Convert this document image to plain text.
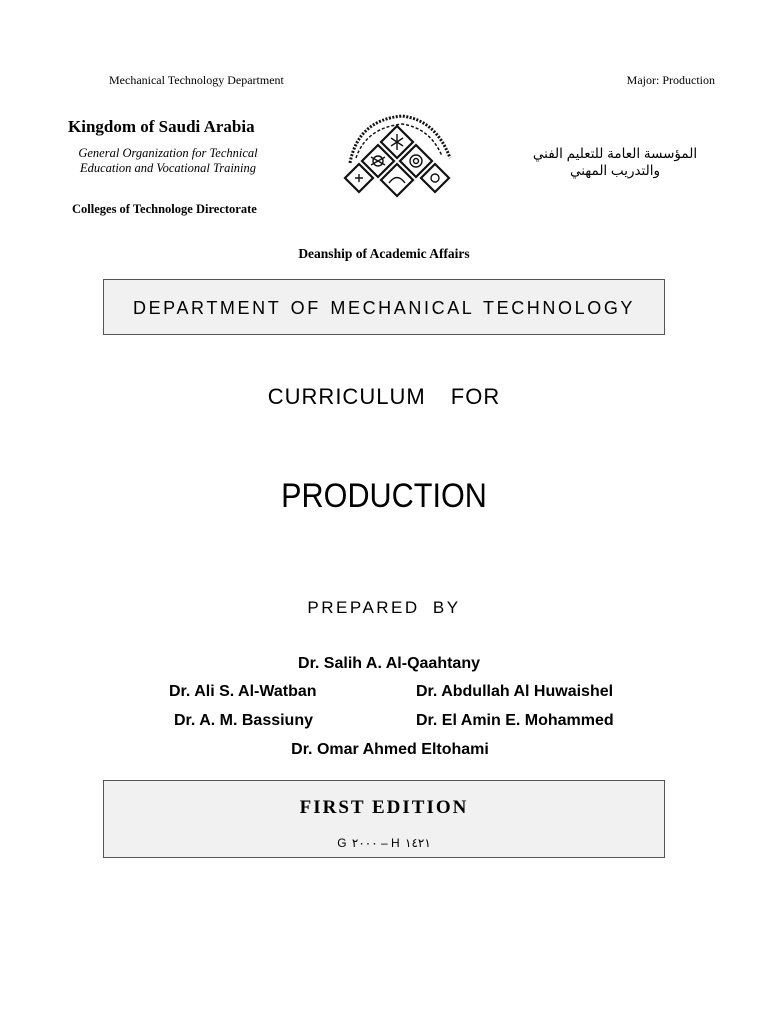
Mechanical Technology Department	Major: Production
Kingdom of Saudi Arabia
General Organization for Technical
Education and Vocational Training
Colleges of Technologe Directorate
المؤسسة العامة للتعليم الفني
والتدريب المهني
Deanship of Academic Affairs
DEPARTMENT OF MECHANICAL TECHNOLOGY
CURRICULUM FOR
PRODUCTION
PREPARED BY
Dr. Salih A. Al-Qaahtany
Dr. Ali S. Al-Watban	Dr. Abdullah Al Huwaishel
Dr. A. M. Bassiuny	Dr. El Amin E. Mohammed
Dr. Omar Ahmed Eltohami
FIRST EDITION
G ٢٠٠٠ – H ١٤٢١
